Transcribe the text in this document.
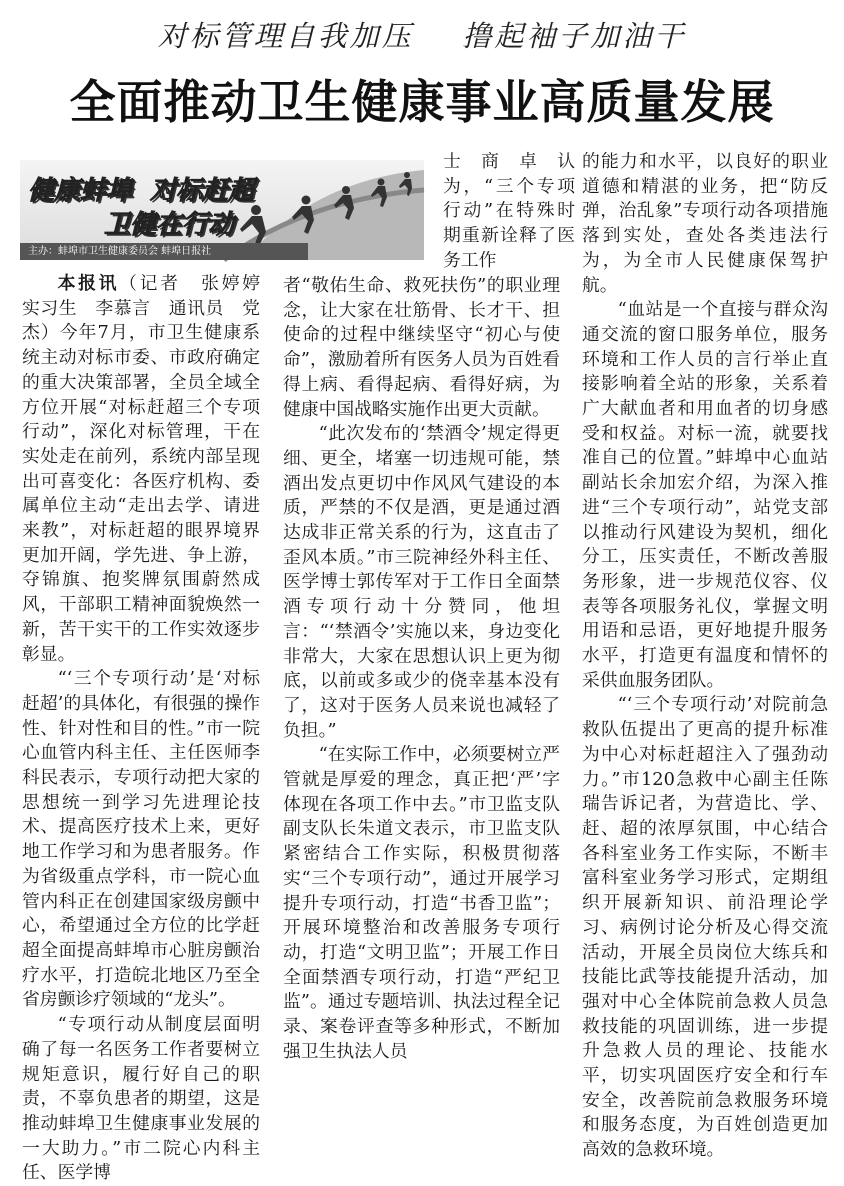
对标管理自我加压    撸起袖子加油干
全面推动卫生健康事业高质量发展
健康蚌埠  对标赶超
卫健在行动
主办：蚌埠市卫生健康委员会 蚌埠日报社

本报讯（记者　张婷婷　实习生　李慕言　通讯员　党杰）今年7月，市卫生健康系统主动对标市委、市政府确定的重大决策部署，全员全域全方位开展“对标赶超三个专项行动”，深化对标管理，干在实处走在前列，系统内部呈现出可喜变化：各医疗机构、委属单位主动“走出去学、请进来教”，对标赶超的眼界境界更加开阔，学先进、争上游，夺锦旗、抱奖牌氛围蔚然成风，干部职工精神面貌焕然一新，苦干实干的工作实效逐步彰显。

“‘三个专项行动’是‘对标赶超’的具体化，有很强的操作性、针对性和目的性。”市一院心血管内科主任、主任医师李科民表示，专项行动把大家的思想统一到学习先进理论技术、提高医疗技术上来，更好地工作学习和为患者服务。作为省级重点学科，市一院心血管内科正在创建国家级房颤中心，希望通过全方位的比学赶超全面提高蚌埠市心脏房颤治疗水平，打造皖北地区乃至全省房颤诊疗领域的“龙头”。

“专项行动从制度层面明确了每一名医务工作者要树立规矩意识，履行好自己的职责，不辜负患者的期望，这是推动蚌埠卫生健康事业发展的一大助力。”市二院心内科主任、医学博

士商卓认为，“三个专项行动”在特殊时期重新诠释了医务工作

者“敬佑生命、救死扶伤”的职业理念，让大家在壮筋骨、长才干、担使命的过程中继续坚守“初心与使命”，激励着所有医务人员为百姓看得上病、看得起病、看得好病，为健康中国战略实施作出更大贡献。

“此次发布的‘禁酒令’规定得更细、更全，堵塞一切违规可能，禁酒出发点更切中作风风气建设的本质，严禁的不仅是酒，更是通过酒达成非正常关系的行为，这直击了歪风本质。”市三院神经外科主任、医学博士郭传军对于工作日全面禁酒专项行动十分赞同，他坦言：“‘禁酒令’实施以来，身边变化非常大，大家在思想认识上更为彻底，以前或多或少的侥幸基本没有了，这对于医务人员来说也减轻了负担。”

“在实际工作中，必须要树立严管就是厚爱的理念，真正把‘严’字体现在各项工作中去。”市卫监支队副支队长朱道文表示，市卫监支队紧密结合工作实际，积极贯彻落实“三个专项行动”，通过开展学习提升专项行动，打造“书香卫监”；开展环境整治和改善服务专项行动，打造“文明卫监”；开展工作日全面禁酒专项行动，打造“严纪卫监”。通过专题培训、执法过程全记录、案卷评查等多种形式，不断加强卫生执法人员

的能力和水平，以良好的职业道德和精湛的业务，把“防反弹，治乱象”专项行动各项措施落到实处，查处各类违法行为，为全市人民健康保驾护航。

“血站是一个直接与群众沟通交流的窗口服务单位，服务环境和工作人员的言行举止直接影响着全站的形象，关系着广大献血者和用血者的切身感受和权益。对标一流，就要找准自己的位置。”蚌埠中心血站副站长余加宏介绍，为深入推进“三个专项行动”，站党支部以推动行风建设为契机，细化分工，压实责任，不断改善服务形象，进一步规范仪容、仪表等各项服务礼仪，掌握文明用语和忌语，更好地提升服务水平，打造更有温度和情怀的采供血服务团队。

“‘三个专项行动’对院前急救队伍提出了更高的提升标准为中心对标赶超注入了强劲动力。”市120急救中心副主任陈瑞告诉记者，为营造比、学、赶、超的浓厚氛围，中心结合各科室业务工作实际，不断丰富科室业务学习形式，定期组织开展新知识、前沿理论学习、病例讨论分析及心得交流活动，开展全员岗位大练兵和技能比武等技能提升活动，加强对中心全体院前急救人员急救技能的巩固训练，进一步提升急救人员的理论、技能水平，切实巩固医疗安全和行车安全，改善院前急救服务环境和服务态度，为百姓创造更加高效的急救环境。
